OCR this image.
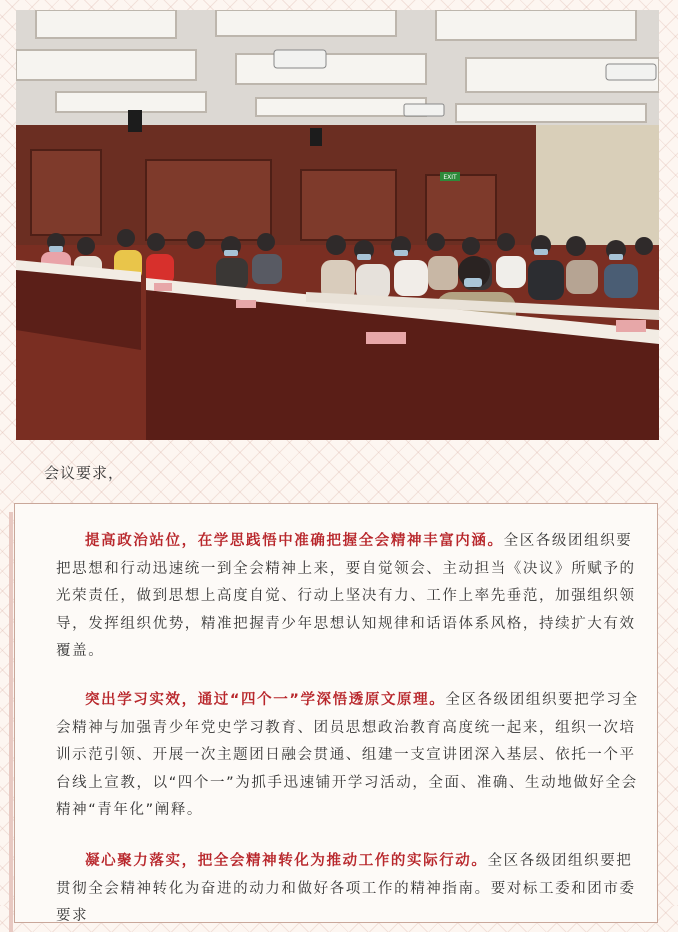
EXIT
会议要求，

提高政治站位，在学思践悟中准确把握全会精神丰富内涵。全区各级团组织要把思想和行动迅速统一到全会精神上来，要自觉领会、主动担当《决议》所赋予的光荣责任，做到思想上高度自觉、行动上坚决有力、工作上率先垂范，加强组织领导，发挥组织优势，精准把握青少年思想认知规律和话语体系风格，持续扩大有效覆盖。

突出学习实效，通过“四个一”学深悟透原文原理。全区各级团组织要把学习全会精神与加强青少年党史学习教育、团员思想政治教育高度统一起来，组织一次培训示范引领、开展一次主题团日融会贯通、组建一支宣讲团深入基层、依托一个平台线上宣教，以“四个一”为抓手迅速铺开学习活动，全面、准确、生动地做好全会精神“青年化”阐释。

凝心聚力落实，把全会精神转化为推动工作的实际行动。全区各级团组织要把贯彻全会精神转化为奋进的动力和做好各项工作的精神指南。要对标工委和团市委要求
